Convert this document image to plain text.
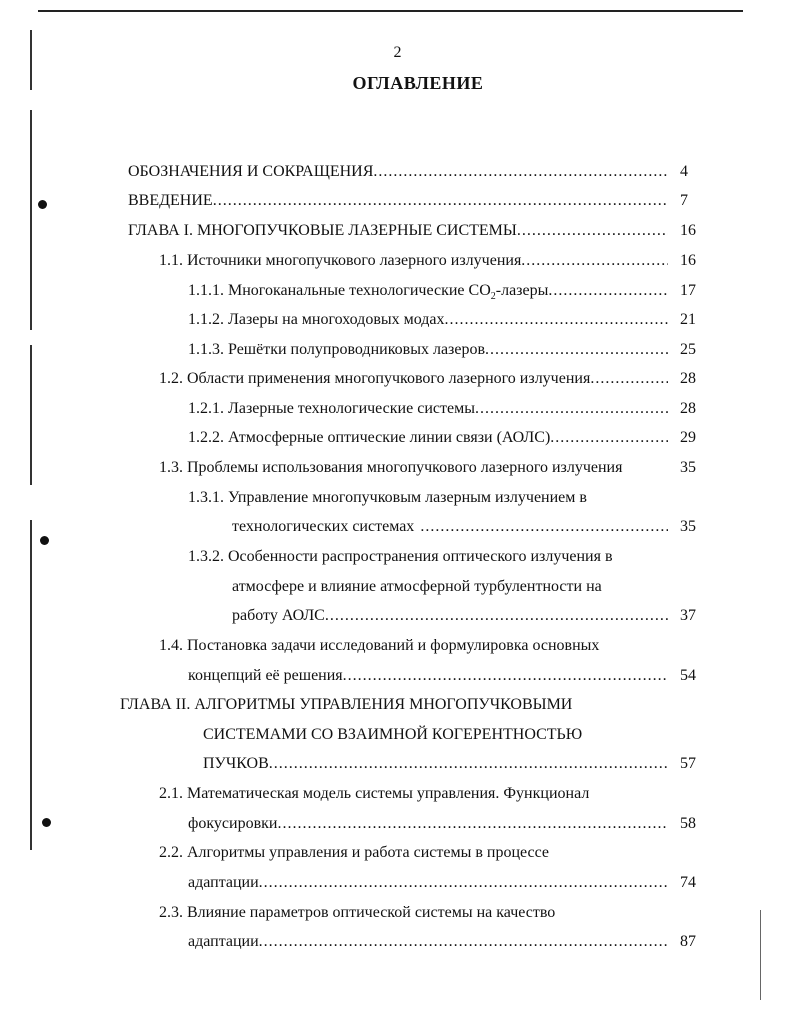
2
ОГЛАВЛЕНИЕ
ОБОЗНАЧЕНИЯ И СОКРАЩЕНИЯ .....	4
ВВЕДЕНИЕ .....	7
ГЛАВА I. МНОГОПУЧКОВЫЕ ЛАЗЕРНЫЕ СИСТЕМЫ .....	16
1.1. Источники многопучкового лазерного излучения .....	16
1.1.1. Многоканальные технологические $CO_2$-лазеры .....	17
1.1.2. Лазеры на многоходовых модах .....	21
1.1.3. Решётки полупроводниковых лазеров .....	25
1.2. Области применения многопучкового лазерного излучения .....	28
1.2.1. Лазерные технологические системы .....	28
1.2.2. Атмосферные оптические линии связи (АОЛС) .....	29
1.3. Проблемы использования многопучкового лазерного излучения	35
1.3.1. Управление многопучковым лазерным излучением в
технологических системах .....	35
1.3.2. Особенности распространения оптического излучения в
атмосфере и влияние атмосферной турбулентности на
работу АОЛС .....	37
1.4. Постановка задачи исследований и формулировка основных
концепций её решения .....	54
ГЛАВА II. АЛГОРИТМЫ УПРАВЛЕНИЯ МНОГОПУЧКОВЫМИ
СИСТЕМАМИ СО ВЗАИМНОЙ КОГЕРЕНТНОСТЬЮ
ПУЧКОВ .....	57
2.1. Математическая модель системы управления. Функционал
фокусировки .....	58
2.2. Алгоритмы управления и работа системы в процессе
адаптации .....	74
2.3. Влияние параметров оптической системы на качество
адаптации .....	87
